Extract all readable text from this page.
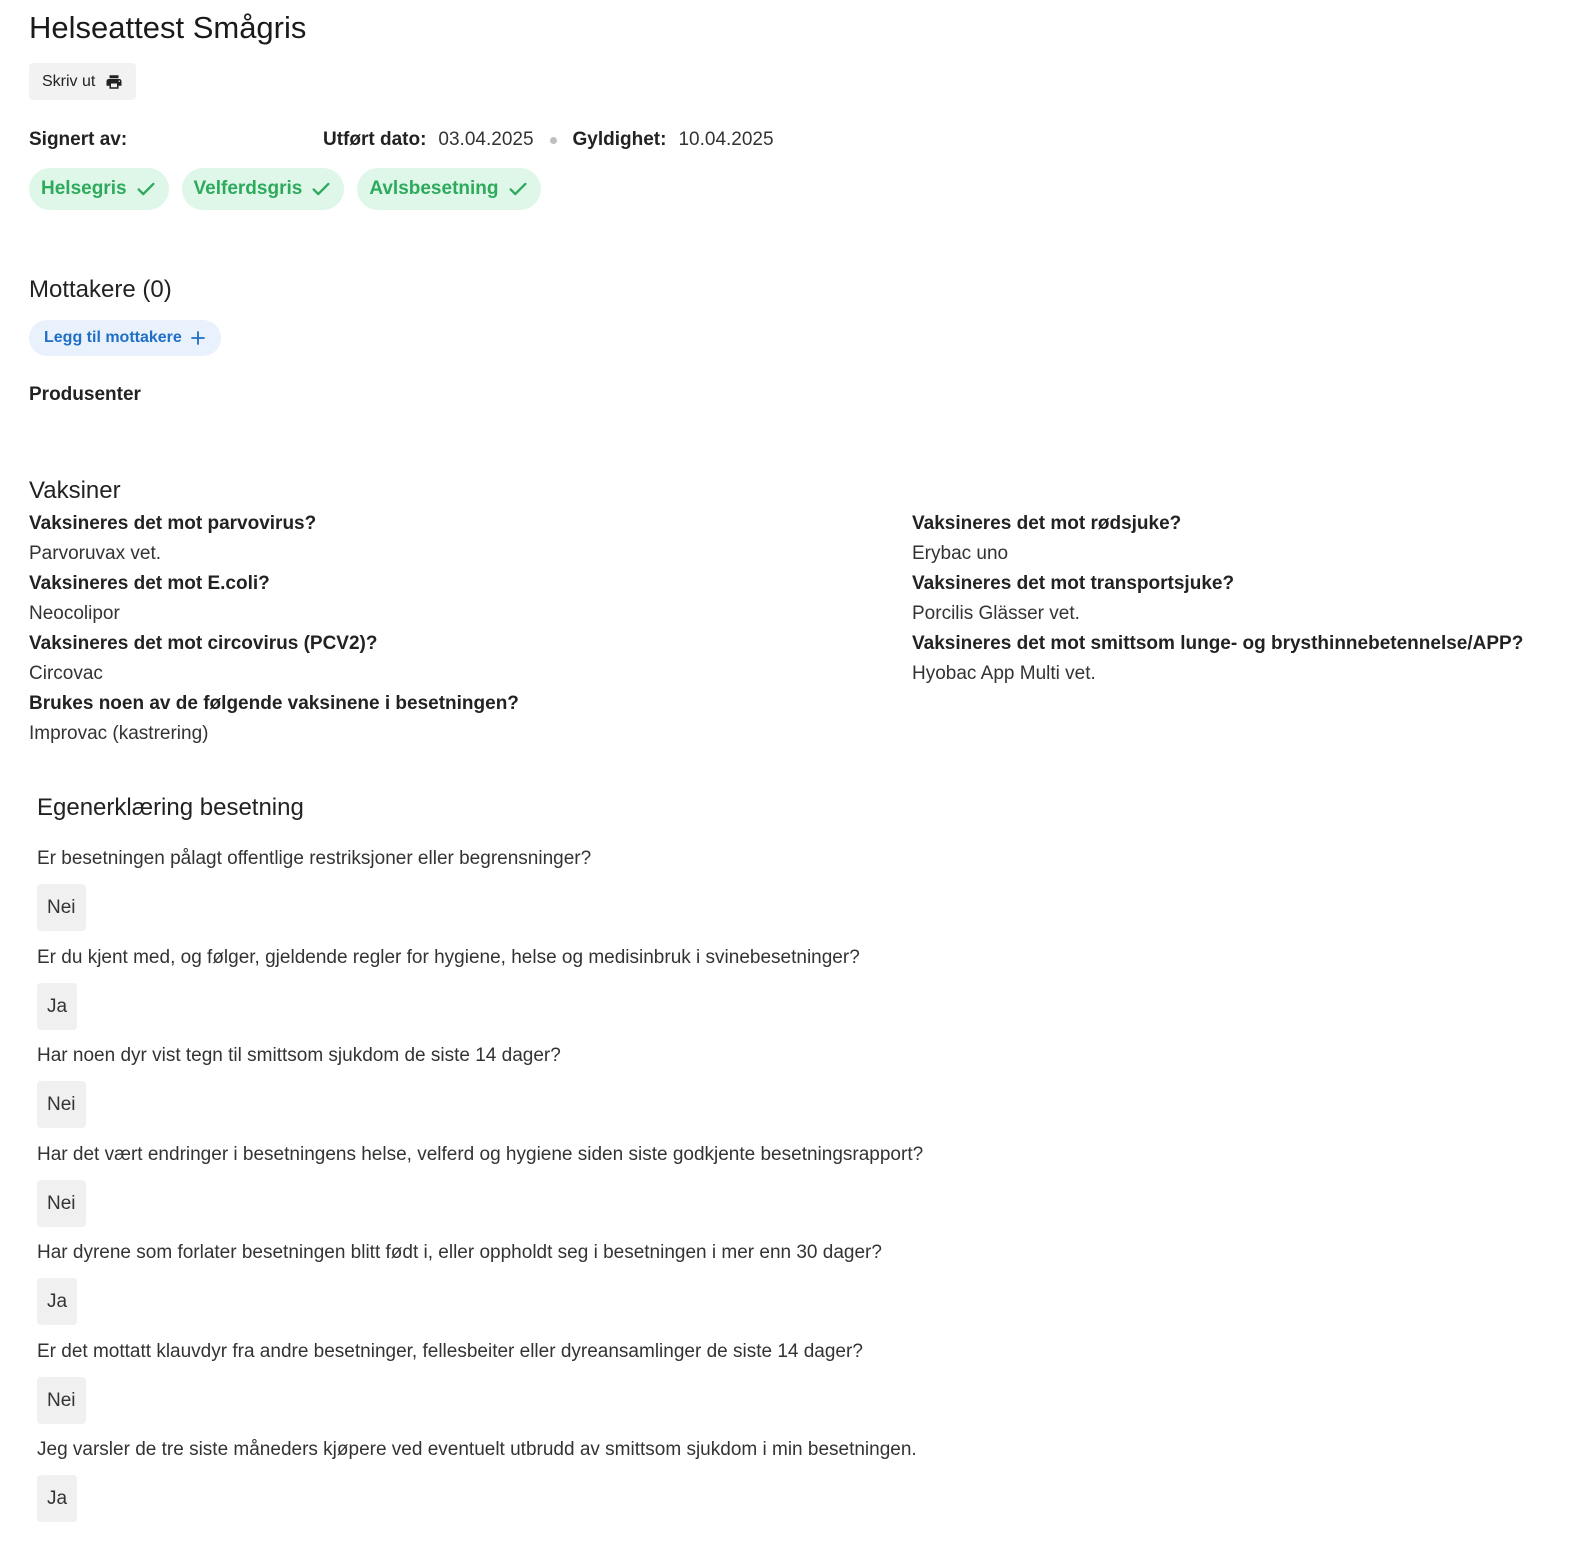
Helseattest Smågris
Skriv ut
Signert av:	Utført dato: 03.04.2025 Gyldighet: 10.04.2025
Helsegris	Velferdsgris	Avlsbesetning
Mottakere (0)
Legg til mottakere
Produsenter
Vaksiner
Vaksineres det mot parvovirus?
Parvoruvax vet.
Vaksineres det mot E.coli?
Neocolipor
Vaksineres det mot circovirus (PCV2)?
Circovac
Brukes noen av de følgende vaksinene i besetningen?
Improvac (kastrering)
Vaksineres det mot rødsjuke?
Erybac uno
Vaksineres det mot transportsjuke?
Porcilis Glässer vet.
Vaksineres det mot smittsom lunge- og brysthinnebetennelse/APP?
Hyobac App Multi vet.
Egenerklæring besetning
Er besetningen pålagt offentlige restriksjoner eller begrensninger?
Nei
Er du kjent med, og følger, gjeldende regler for hygiene, helse og medisinbruk i svinebesetninger?
Ja
Har noen dyr vist tegn til smittsom sjukdom de siste 14 dager?
Nei
Har det vært endringer i besetningens helse, velferd og hygiene siden siste godkjente besetningsrapport?
Nei
Har dyrene som forlater besetningen blitt født i, eller oppholdt seg i besetningen i mer enn 30 dager?
Ja
Er det mottatt klauvdyr fra andre besetninger, fellesbeiter eller dyreansamlinger de siste 14 dager?
Nei
Jeg varsler de tre siste måneders kjøpere ved eventuelt utbrudd av smittsom sjukdom i min besetningen.
Ja
